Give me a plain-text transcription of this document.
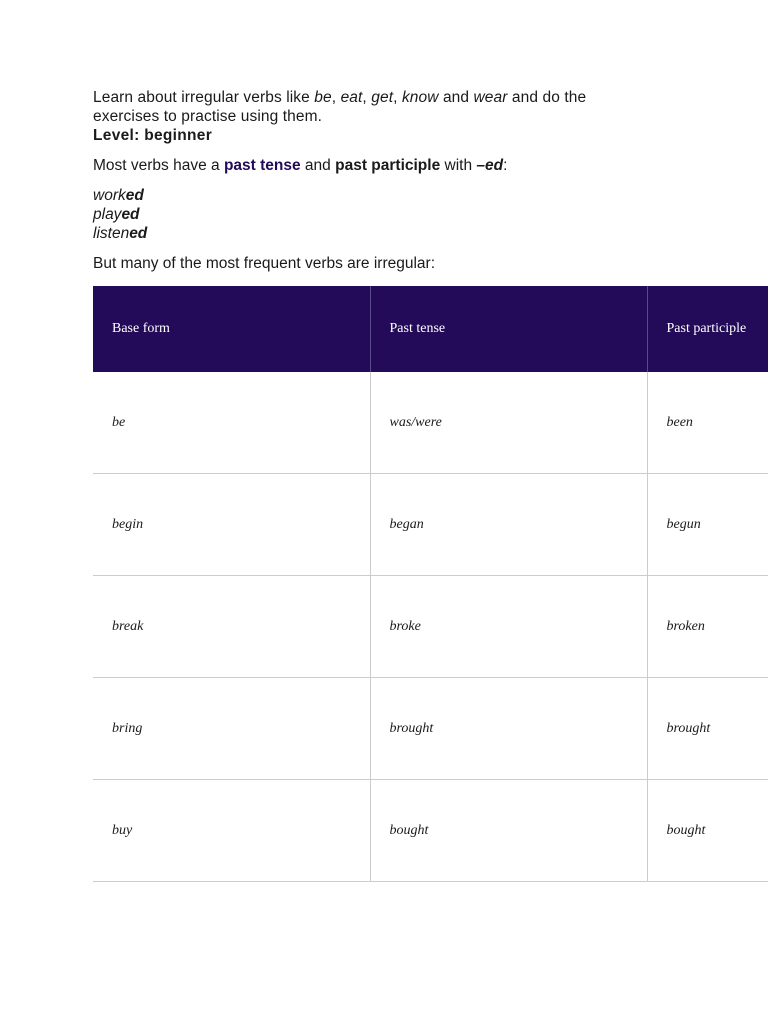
Learn about irregular verbs like be, eat, get, know and wear and do the exercises to practise using them.

Level: beginner

Most verbs have a past tense and past participle with –ed:

worked
played
listened

But many of the most frequent verbs are irregular:

Base form	Past tense	Past participle
be	was/were	been
begin	began	begun
break	broke	broken
bring	brought	brought
buy	bought	bought
